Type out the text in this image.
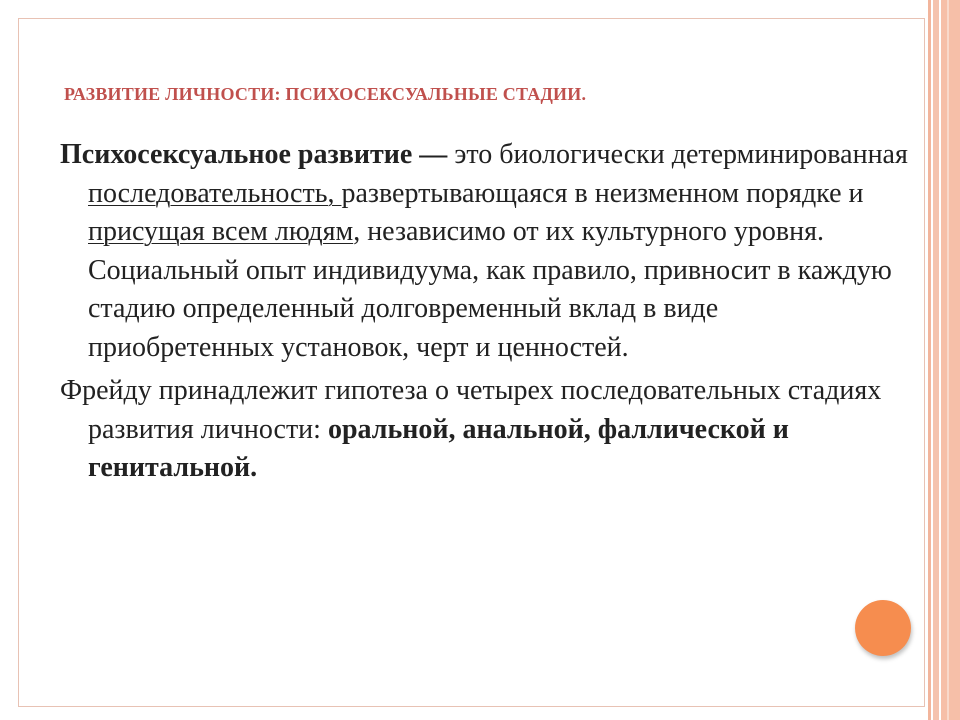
РАЗВИТИЕ ЛИЧНОСТИ: ПСИХОСЕКСУАЛЬНЫЕ СТАДИИ.

Психосексуальное развитие — это биологически детерминированная последовательность, развертывающаяся в неизменном порядке и присущая всем людям, независимо от их культурного уровня. Социальный опыт индивидуума, как правило, привносит в каждую стадию определенный долговременный вклад в виде приобретенных установок, черт и ценностей.

Фрейду принадлежит гипотеза о четырех последовательных стадиях развития личности: оральной, анальной, фаллической и генитальной.
